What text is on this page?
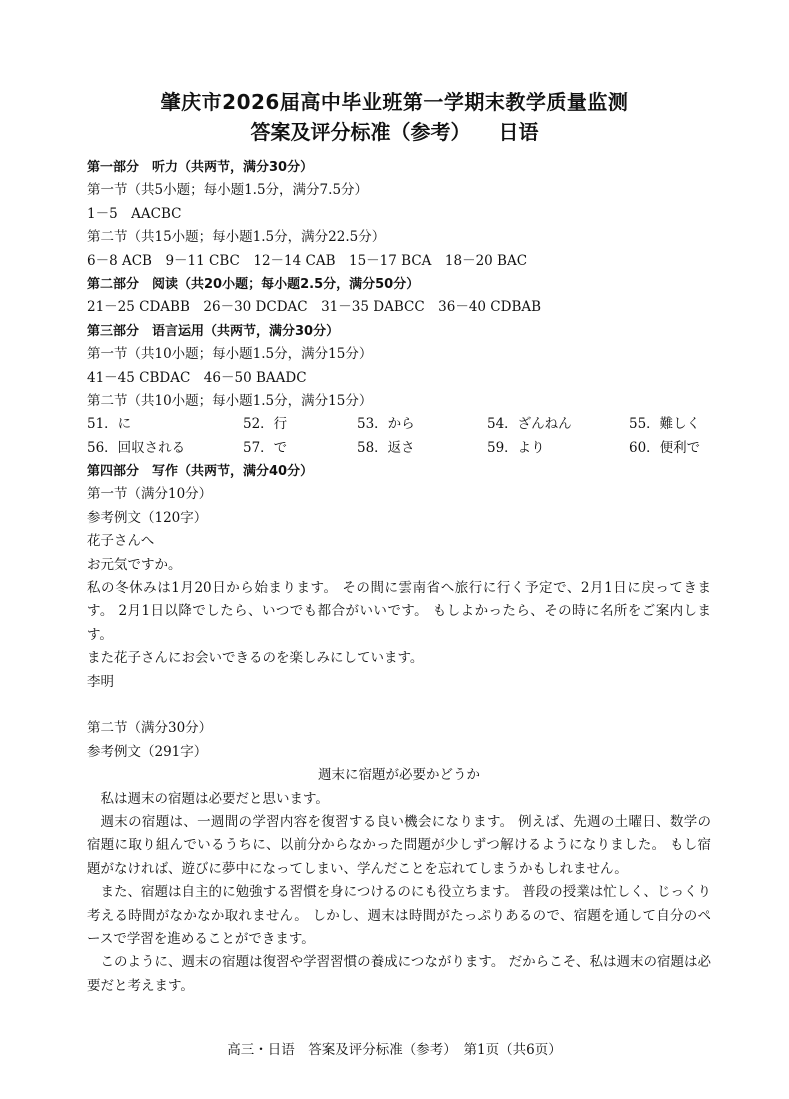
肇庆市2026届高中毕业班第一学期末教学质量监测
答案及评分标准（参考） 日语
第一部分　听力（共两节，满分30分）
第一节（共5小题；每小题1.5分，满分7.5分）
1－5　AACBC
第二节（共15小题；每小题1.5分，满分22.5分）
6－8 ACB　9－11 CBC　12－14 CAB　15－17 BCA　18－20 BAC
第二部分　阅读（共20小题；每小题2.5分，满分50分）
21－25 CDABB　26－30 DCDAC　31－35 DABCC　36－40 CDBAB
第三部分　语言运用（共两节，满分30分）
第一节（共10小题；每小题1.5分，满分15分）
41－45 CBDAC　46－50 BAADC
第二节（共10小题；每小题1.5分，满分15分）
51．に	52．行	53．から	54．ざんねん	55．難しく
56．回収される	57．で	58．返さ	59．より	60．便利で
第四部分　写作（共两节，满分40分）
第一节（满分10分）
参考例文（120字）
花子さんへ
お元気ですか。
私の冬休みは1月20日から始まります。 その間に雲南省へ旅行に行く予定で、2月1日に戻ってきます。 2月1日以降でしたら、いつでも都合がいいです。 もしよかったら、その時に名所をご案内します。
また花子さんにお会いできるのを楽しみにしています。
李明
第二节（满分30分）
参考例文（291字）
週末に宿題が必要かどうか
私は週末の宿題は必要だと思います。
週末の宿題は、一週間の学習内容を復習する良い機会になります。 例えば、先週の土曜日、数学の宿題に取り組んでいるうちに、以前分からなかった問題が少しずつ解けるようになりました。 もし宿題がなければ、遊びに夢中になってしまい、学んだことを忘れてしまうかもしれません。
また、宿題は自主的に勉強する習慣を身につけるのにも役立ちます。 普段の授業は忙しく、じっくり考える時間がなかなか取れません。 しかし、週末は時間がたっぷりあるので、宿題を通して自分のペースで学習を進めることができます。
このように、週末の宿題は復習や学習習慣の養成につながります。 だからこそ、私は週末の宿題は必要だと考えます。
高三・日语　答案及评分标准（参考）　第1页（共6页）
